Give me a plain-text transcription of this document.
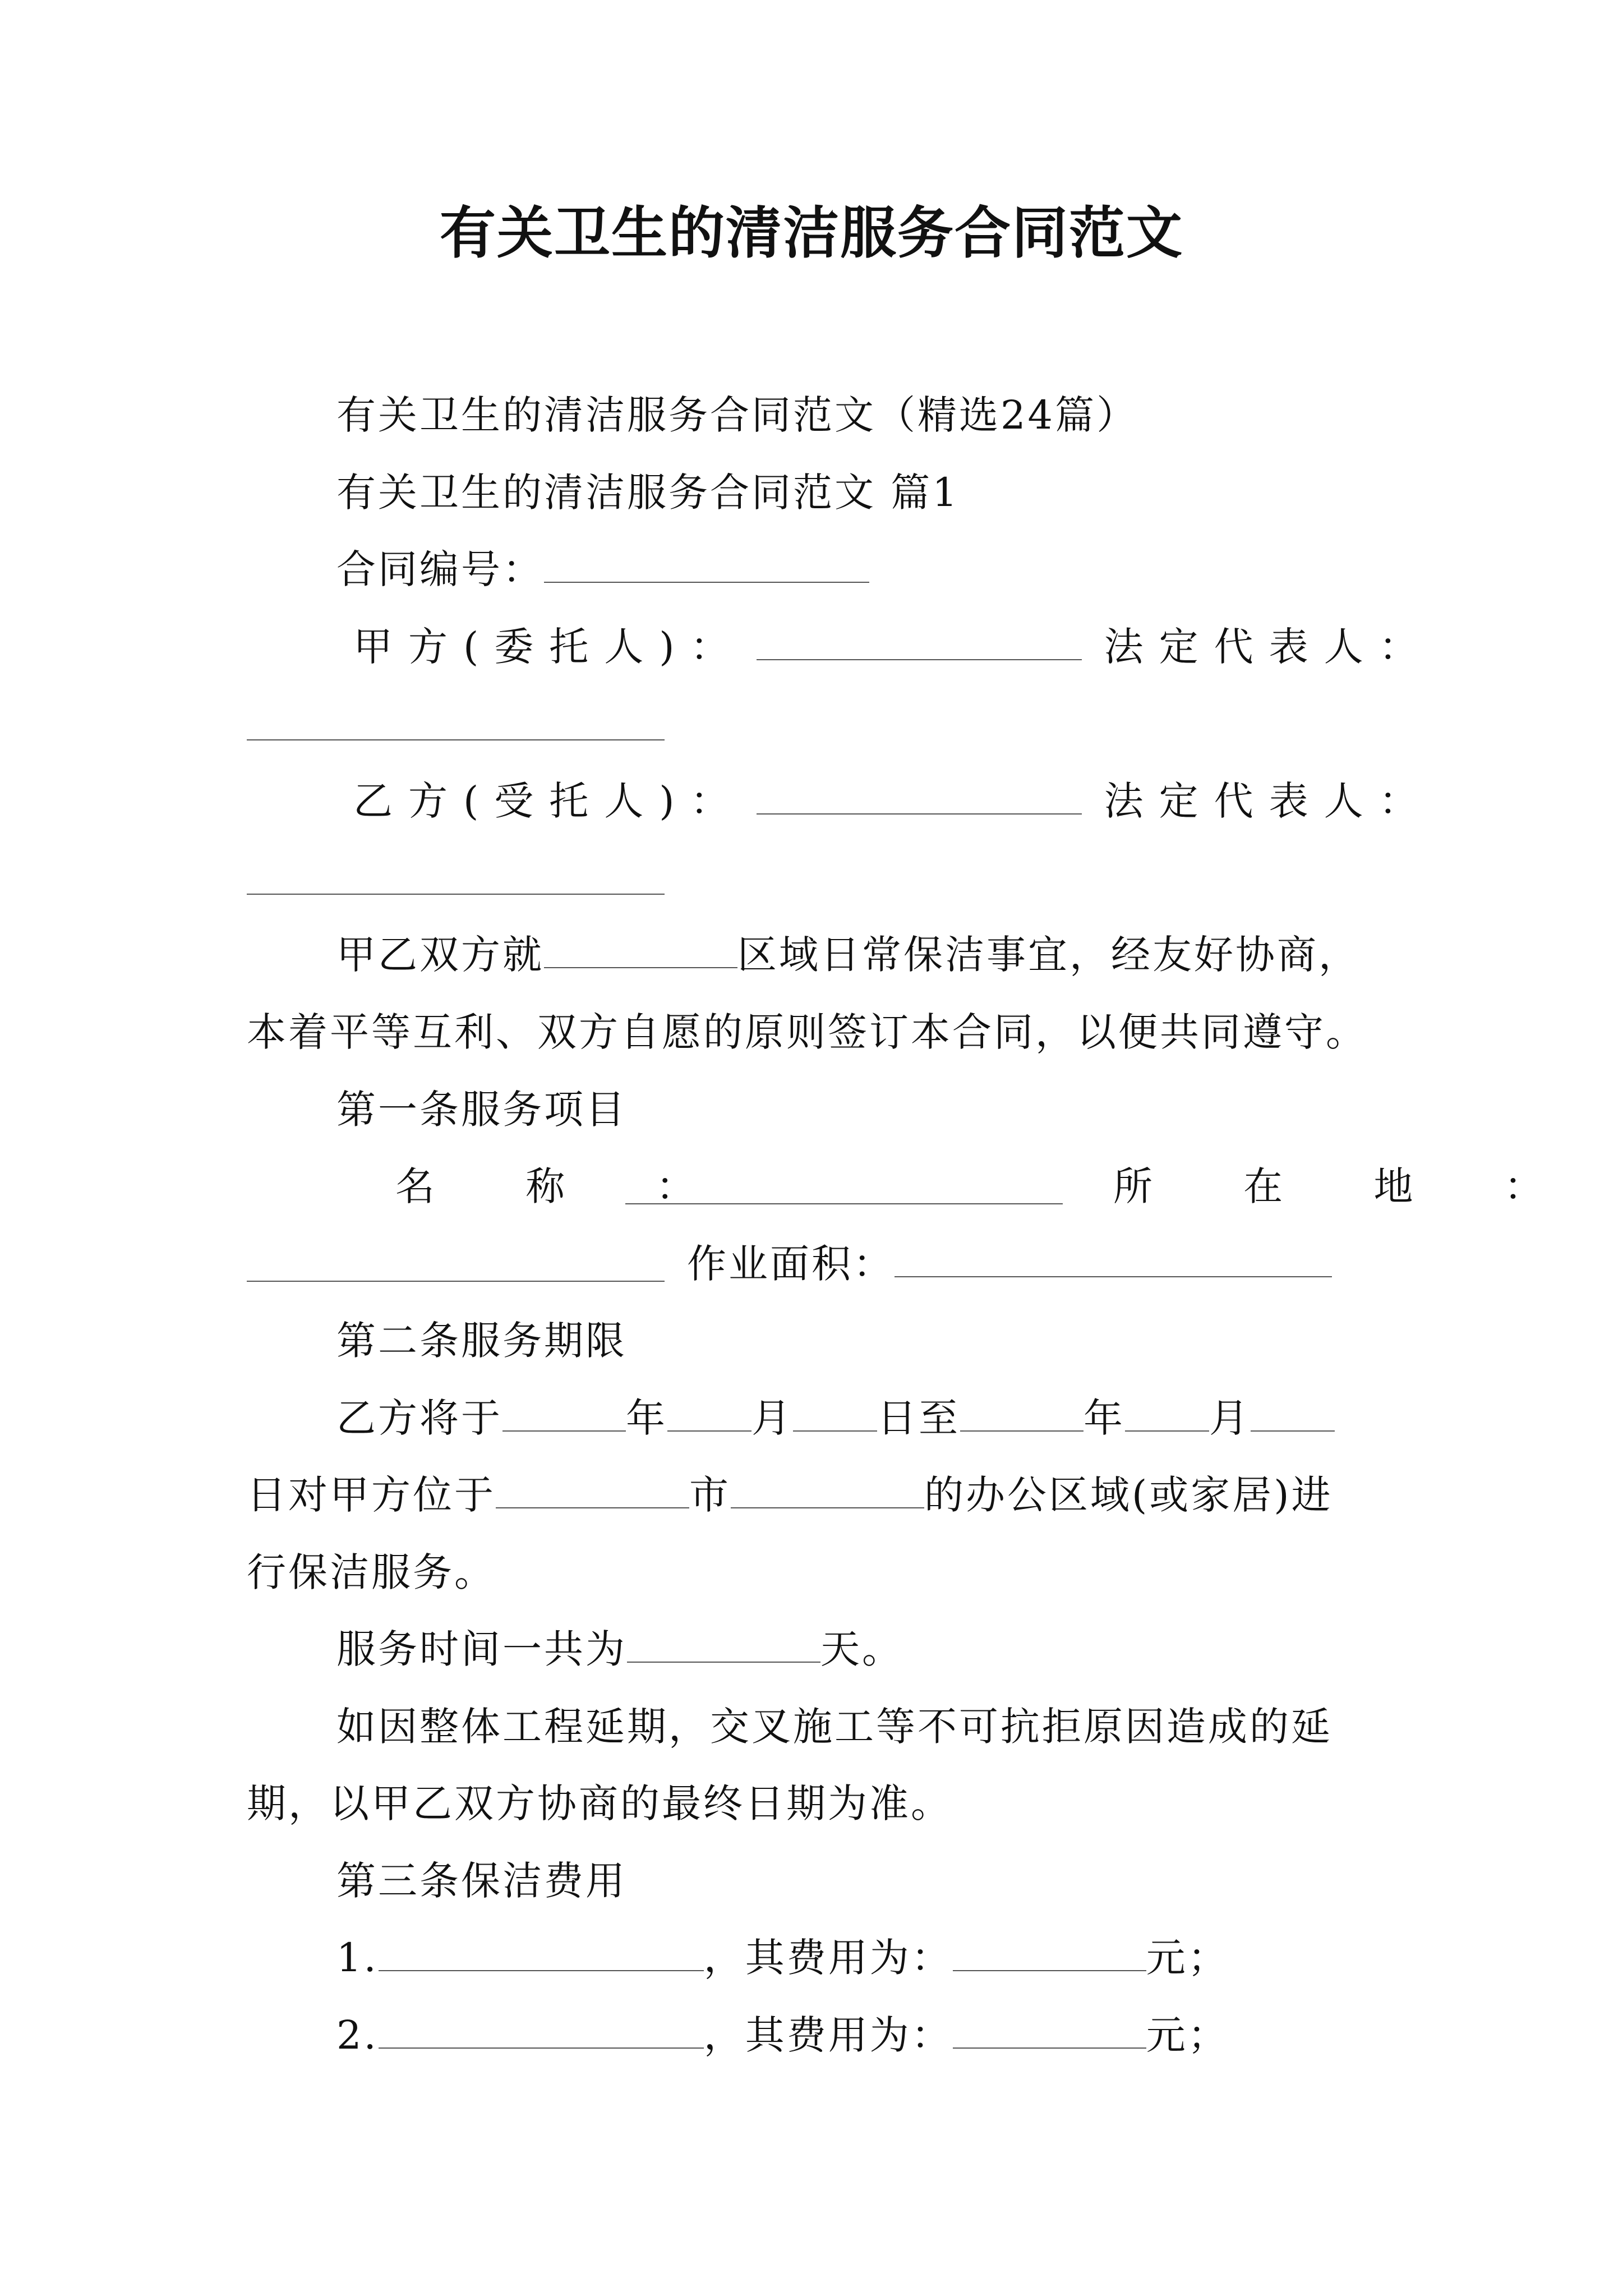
有关卫生的清洁服务合同范文
有关卫生的清洁服务合同范文（精选24篇）
有关卫生的清洁服务合同范文 篇1
合同编号：
甲方(委托人)：	法定代表人：
乙方(受托人)：	法定代表人：
甲乙双方就	区域日常保洁事宜，经友好协商，
本着平等互利、双方自愿的原则签订本合同，以便共同遵守。
第一条服务项目
名 称 ：	所 在 地 ：
作业面积：
第二条服务期限
乙方将于	年 月 日至	年 月
日对甲方位于	市	的办公区域(或家居)进
行保洁服务。
服务时间一共为	天。
如因整体工程延期，交叉施工等不可抗拒原因造成的延
期，以甲乙双方协商的最终日期为准。
第三条保洁费用
1.	，其费用为：	元；
2.	，其费用为：	元；
